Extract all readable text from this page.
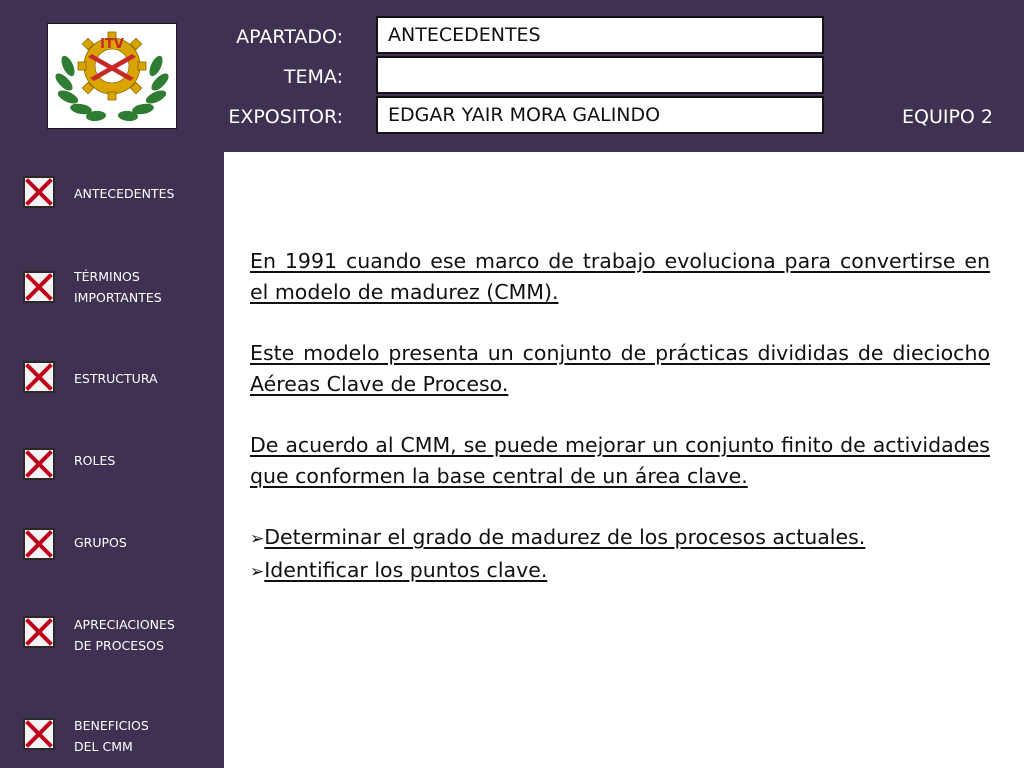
ITV	APARTADO:
TEMA:
EXPOSITOR:
ANTECEDENTES
EDGAR YAIR MORA GALINDO	EQUIPO 2
ANTECEDENTES
TÉRMINOS
IMPORTANTES
ESTRUCTURA
ROLES
GRUPOS
APRECIACIONES
DE PROCESOS
BENEFICIOS
DEL CMM

En 1991 cuando ese marco de trabajo evoluciona para convertirse en el modelo de madurez (CMM).

Este modelo presenta un conjunto de prácticas divididas de dieciocho Aéreas Clave de Proceso.

De acuerdo al CMM, se puede mejorar un conjunto finito de actividades que conformen la base central de un área clave.

➢Determinar el grado de madurez de los procesos actuales.

➢Identificar los puntos clave.
